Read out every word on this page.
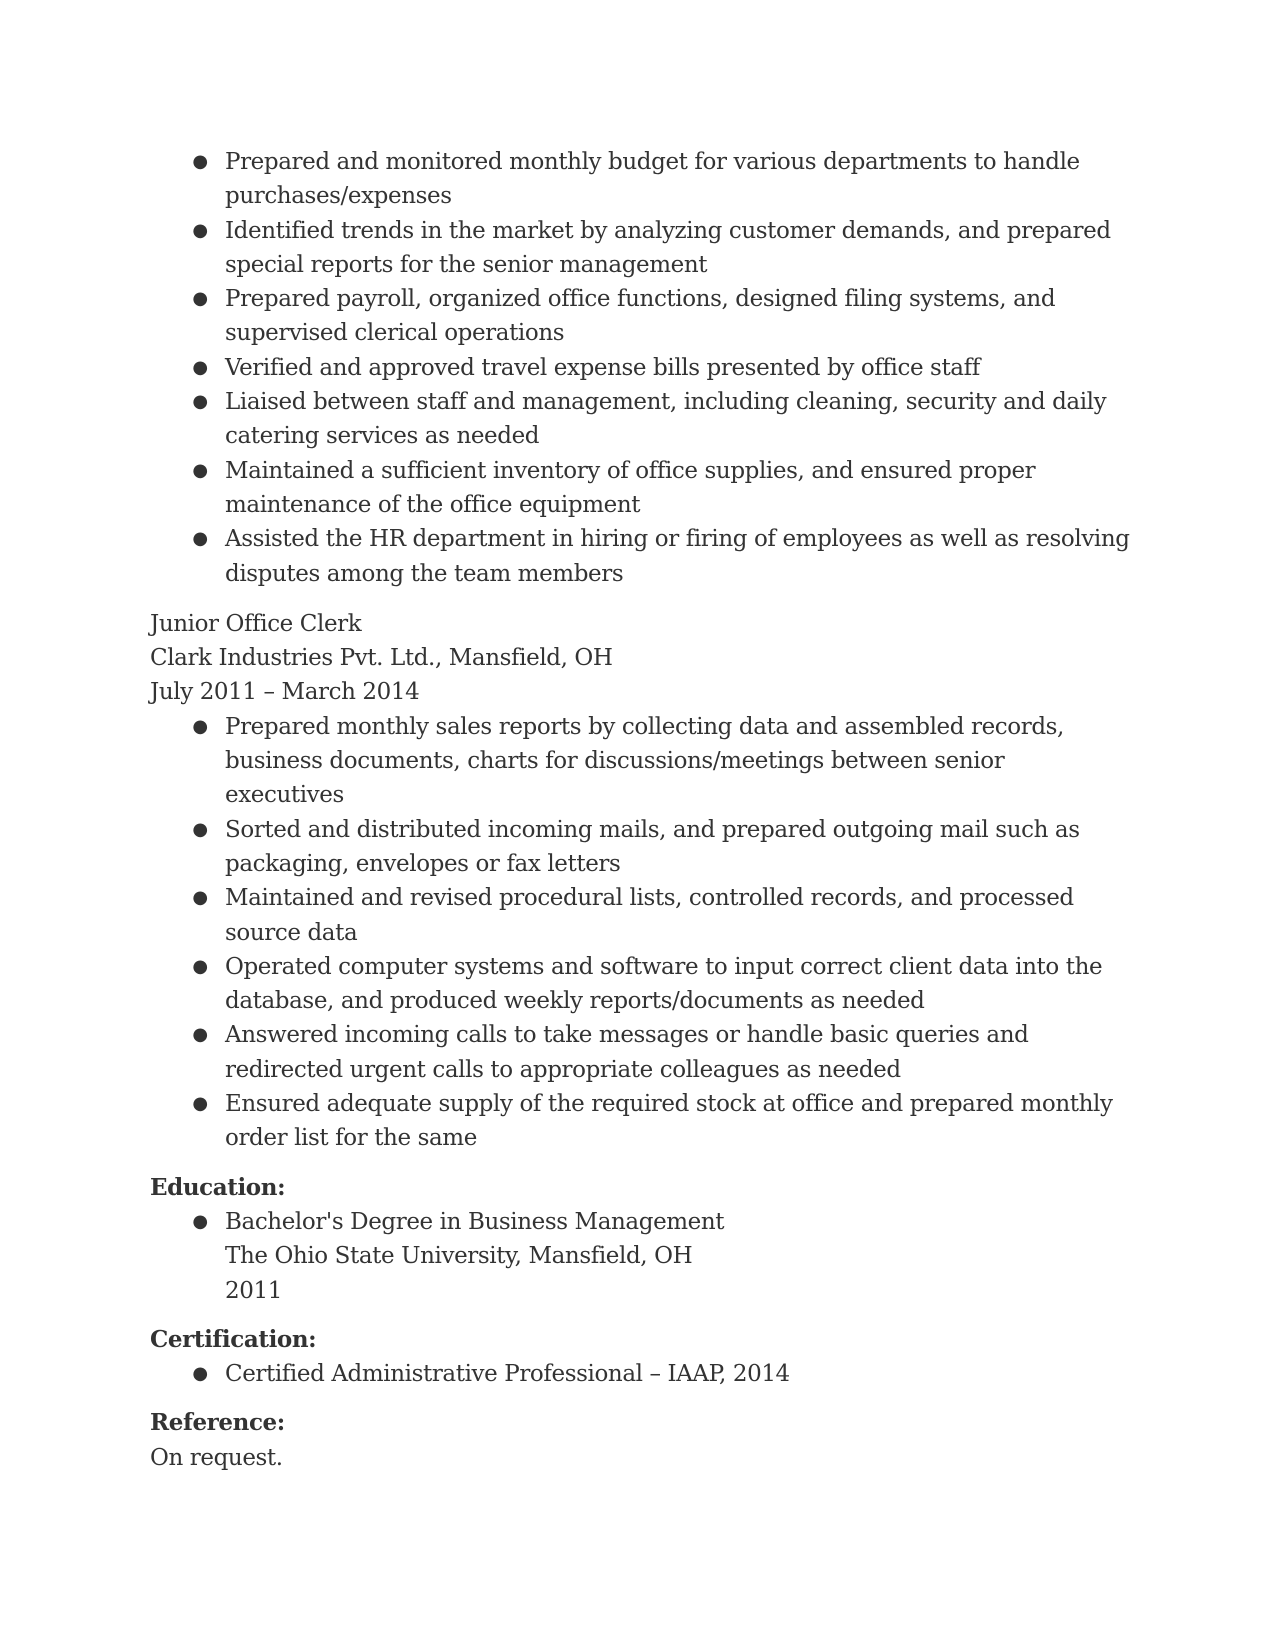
● Prepared and monitored monthly budget for various departments to handle purchases/expenses
● Identified trends in the market by analyzing customer demands, and prepared special reports for the senior management
● Prepared payroll, organized office functions, designed filing systems, and supervised clerical operations
● Verified and approved travel expense bills presented by office staff
● Liaised between staff and management, including cleaning, security and daily catering services as needed
● Maintained a sufficient inventory of office supplies, and ensured proper maintenance of the office equipment
● Assisted the HR department in hiring or firing of employees as well as resolving disputes among the team members
Junior Office Clerk
Clark Industries Pvt. Ltd., Mansfield, OH
July 2011 – March 2014
● Prepared monthly sales reports by collecting data and assembled records, business documents, charts for discussions/meetings between senior executives
● Sorted and distributed incoming mails, and prepared outgoing mail such as packaging, envelopes or fax letters
● Maintained and revised procedural lists, controlled records, and processed source data
● Operated computer systems and software to input correct client data into the database, and produced weekly reports/documents as needed
● Answered incoming calls to take messages or handle basic queries and redirected urgent calls to appropriate colleagues as needed
● Ensured adequate supply of the required stock at office and prepared monthly order list for the same
Education:
● Bachelor's Degree in Business Management
The Ohio State University, Mansfield, OH
2011
Certification:
● Certified Administrative Professional – IAAP, 2014
Reference:
On request.
